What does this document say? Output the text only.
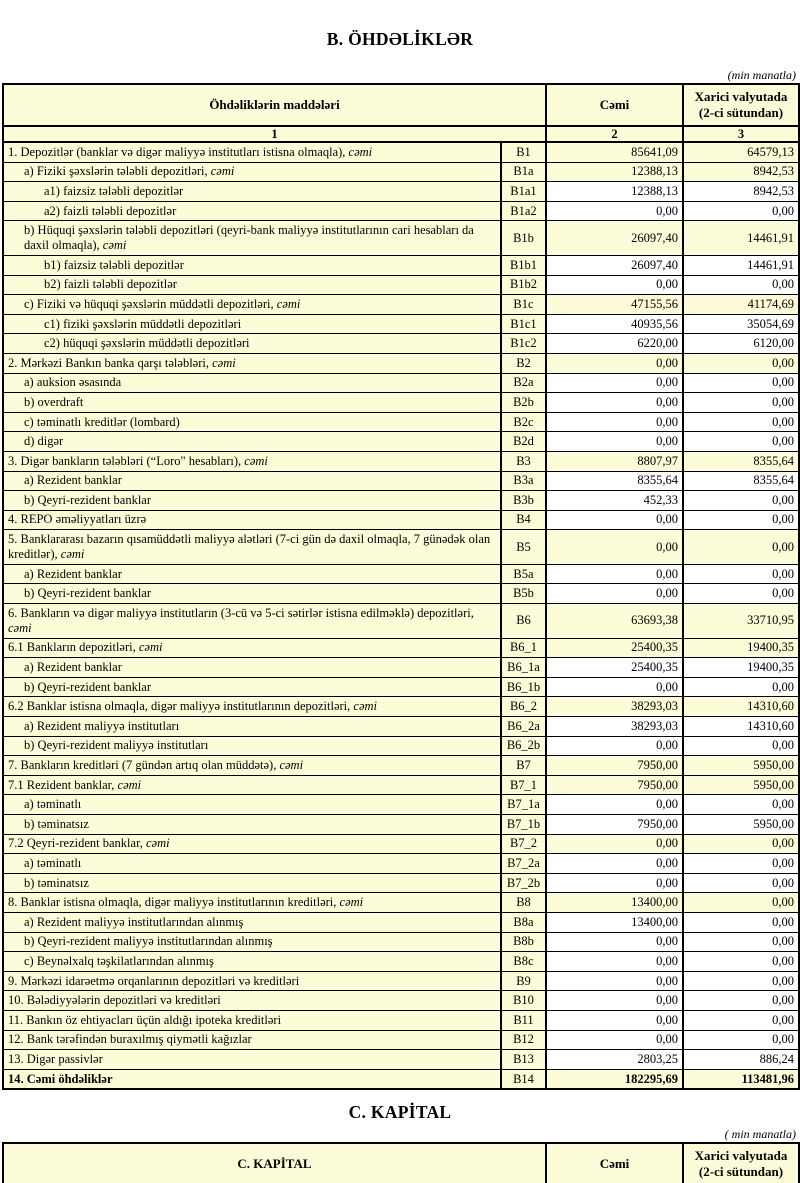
B. ÖHDƏLİKLƏR
(min manatla)
Öhdəliklərin maddələri		Cəmi	Xarici valyutada
(2-ci sütundan)

1		2	3
1. Depozitlər (banklar və digər maliyyə institutları istisna olmaqla), cəmi	B1	85641,09	64579,13
a) Fiziki şəxslərin tələbli depozitləri, cəmi	B1a	12388,13	8942,53
a1) faizsiz tələbli depozitlər	B1a1	12388,13	8942,53
a2) faizli tələbli depozitlər	B1a2	0,00	0,00
b) Hüquqi şəxslərin tələbli depozitləri (qeyri-bank maliyyə institutlarının cari hesabları da daxil olmaqla), cəmi	B1b	26097,40	14461,91
b1) faizsiz tələbli depozitlər	B1b1	26097,40	14461,91
b2) faizli tələbli depozitlər	B1b2	0,00	0,00
c) Fiziki və hüquqi şəxslərin müddətli depozitləri, cəmi	B1c	47155,56	41174,69
c1) fiziki şəxslərin müddətli depozitləri	B1c1	40935,56	35054,69
c2) hüquqi şəxslərin müddətli depozitləri	B1c2	6220,00	6120,00
2. Mərkəzi Bankın banka qarşı tələbləri, cəmi	B2	0,00	0,00
a) auksion əsasında	B2a	0,00	0,00
b) overdraft	B2b	0,00	0,00
c) təminatlı kreditlər (lombard)	B2c	0,00	0,00
d) digər	B2d	0,00	0,00
3. Digər bankların tələbləri (“Loro" hesabları), cəmi	B3	8807,97	8355,64
a) Rezident banklar	B3a	8355,64	8355,64
b) Qeyri-rezident banklar	B3b	452,33	0,00
4. REPO əməliyyatları üzrə	B4	0,00	0,00
5. Banklararası bazarın qısamüddətli maliyyə alətləri (7-ci gün də daxil olmaqla, 7 günədək olan kreditlər), cəmi	B5	0,00	0,00
a) Rezident banklar	B5a	0,00	0,00
b) Qeyri-rezident banklar	B5b	0,00	0,00
6. Bankların və digər maliyyə institutların (3-cü və 5-ci sətirlər istisna edilməklə) depozitləri, cəmi	B6	63693,38	33710,95
6.1 Bankların depozitləri, cəmi	B6_1	25400,35	19400,35
a) Rezident banklar	B6_1a	25400,35	19400,35
b) Qeyri-rezident banklar	B6_1b	0,00	0,00
6.2 Banklar istisna olmaqla, digər maliyyə institutlarının depozitləri, cəmi	B6_2	38293,03	14310,60
a) Rezident maliyyə institutları	B6_2a	38293,03	14310,60
b) Qeyri-rezident maliyyə institutları	B6_2b	0,00	0,00
7. Bankların kreditləri (7 gündən artıq olan müddətə), cəmi	B7	7950,00	5950,00
7.1 Rezident banklar, cəmi	B7_1	7950,00	5950,00
a) təminatlı	B7_1a	0,00	0,00
b) təminatsız	B7_1b	7950,00	5950,00
7.2 Qeyri-rezident banklar, cəmi	B7_2	0,00	0,00
a) təminatlı	B7_2a	0,00	0,00
b) təminatsız	B7_2b	0,00	0,00
8. Banklar istisna olmaqla, digər maliyyə institutlarının kreditləri, cəmi	B8	13400,00	0,00
a) Rezident maliyyə institutlarından alınmış	B8a	13400,00	0,00
b) Qeyri-rezident maliyyə institutlarından alınmış	B8b	0,00	0,00
c) Beynəlxalq təşkilatlarından alınmış	B8c	0,00	0,00
9. Mərkəzi idarəetmə orqanlarının depozitləri və kreditləri	B9	0,00	0,00
10. Bələdiyyələrin depozitləri və kreditləri	B10	0,00	0,00
11. Bankın öz ehtiyacları üçün aldığı ipoteka kreditləri	B11	0,00	0,00
12. Bank tərəfindən buraxılmış qiymətli kağızlar	B12	0,00	0,00
13. Digər passivlər	B13	2803,25	886,24
14. Cəmi öhdəliklər	B14	182295,69	113481,96
C. KAPİTAL
( min manatla)
C. KAPİTAL	Cəmi	
Xarici valyutada
(2-ci sütundan)
